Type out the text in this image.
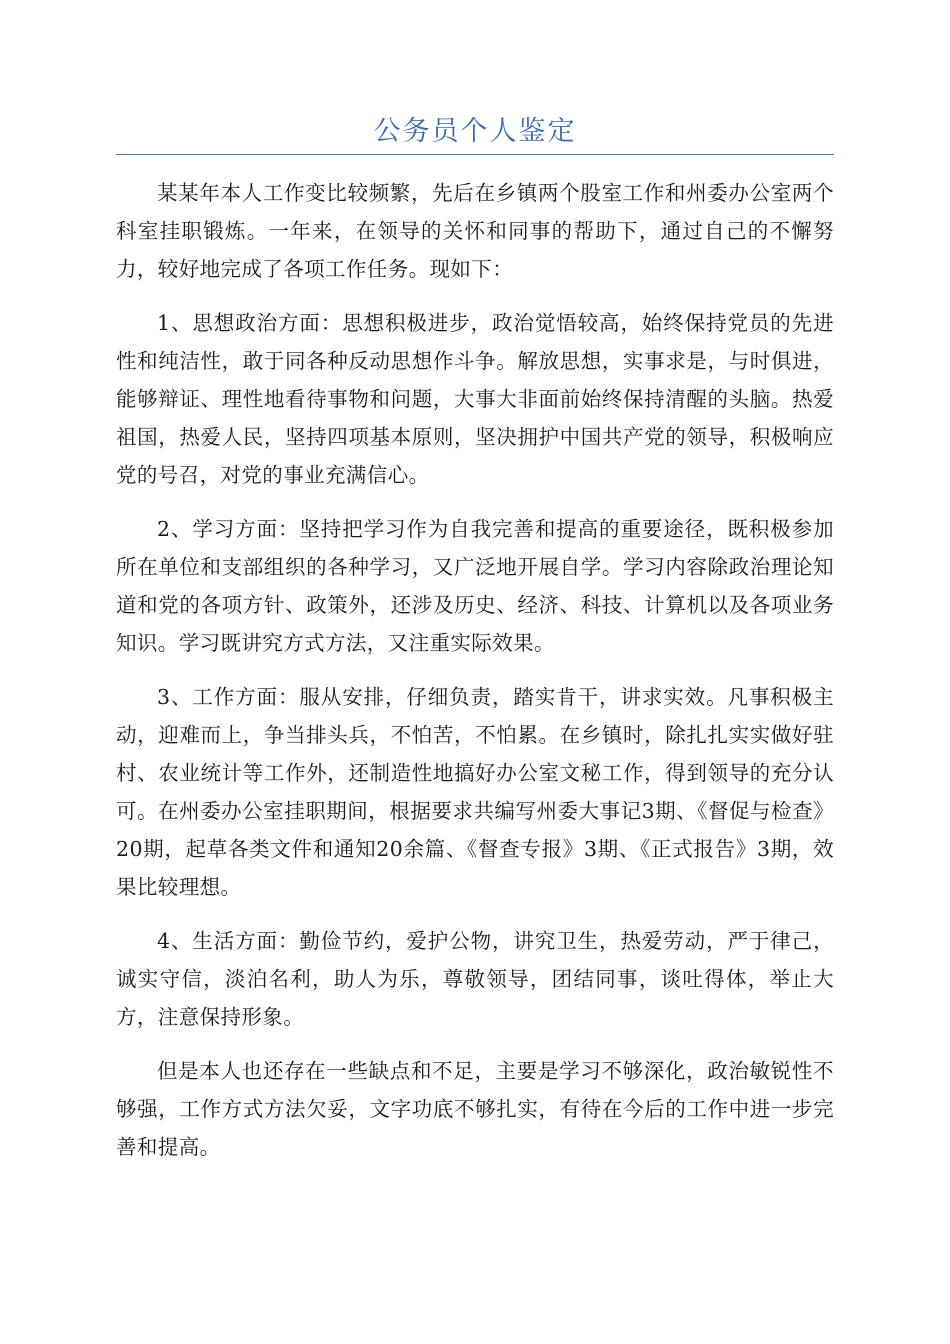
公务员个人鉴定

某某年本人工作变比较频繁，先后在乡镇两个股室工作和州委办公室两个科室挂职锻炼。一年来，在领导的关怀和同事的帮助下，通过自己的不懈努力，较好地完成了各项工作任务。现如下：

1、思想政治方面：思想积极进步，政治觉悟较高，始终保持党员的先进性和纯洁性，敢于同各种反动思想作斗争。解放思想，实事求是，与时俱进，能够辩证、理性地看待事物和问题，大事大非面前始终保持清醒的头脑。热爱祖国，热爱人民，坚持四项基本原则，坚决拥护中国共产党的领导，积极响应党的号召，对党的事业充满信心。

2、学习方面：坚持把学习作为自我完善和提高的重要途径，既积极参加所在单位和支部组织的各种学习，又广泛地开展自学。学习内容除政治理论知道和党的各项方针、政策外，还涉及历史、经济、科技、计算机以及各项业务知识。学习既讲究方式方法，又注重实际效果。

3、工作方面：服从安排，仔细负责，踏实肯干，讲求实效。凡事积极主动，迎难而上，争当排头兵，不怕苦，不怕累。在乡镇时，除扎扎实实做好驻村、农业统计等工作外，还制造性地搞好办公室文秘工作，得到领导的充分认可。在州委办公室挂职期间，根据要求共编写州委大事记3期、《督促与检查》20期，起草各类文件和通知20余篇、《督查专报》3期、《正式报告》3期，效果比较理想。

4、生活方面：勤俭节约，爱护公物，讲究卫生，热爱劳动，严于律己，诚实守信，淡泊名利，助人为乐，尊敬领导，团结同事，谈吐得体，举止大方，注意保持形象。

但是本人也还存在一些缺点和不足，主要是学习不够深化，政治敏锐性不够强，工作方式方法欠妥，文字功底不够扎实，有待在今后的工作中进一步完善和提高。
